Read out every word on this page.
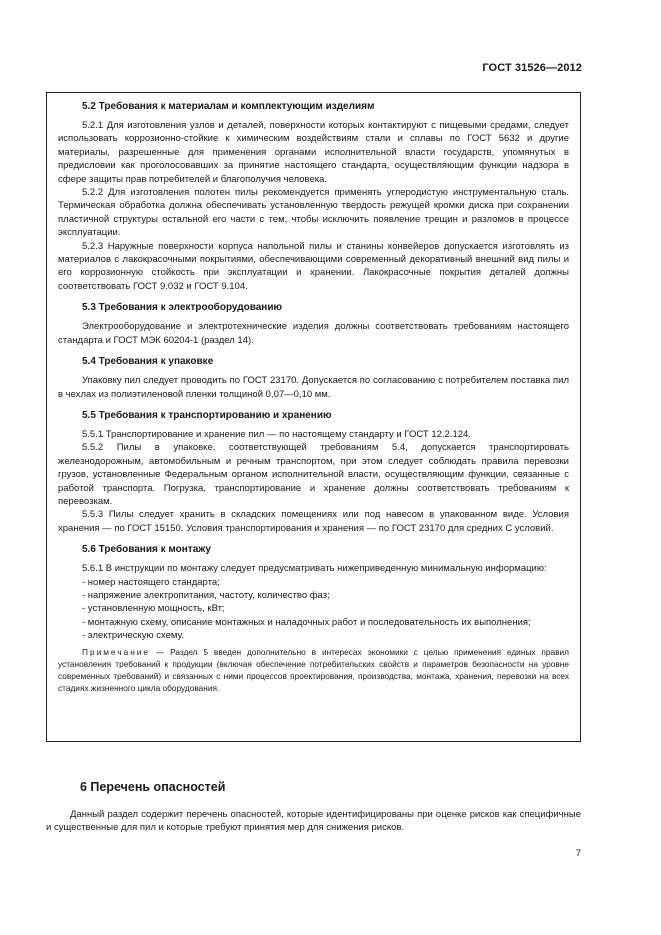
ГОСТ 31526—2012
5.2 Требования к материалам и комплектующим изделиям

5.2.1 Для изготовления узлов и деталей, поверхности которых контактируют с пищевыми средами, следует использовать коррозионно-стойкие к химическим воздействиям стали и сплавы по ГОСТ 5632 и другие материалы, разрешенные для применения органами исполнительной власти государств, упомянутых в предисловии как проголосовавших за принятие настоящего стандарта, осуществляющим функции надзора в сфере защиты прав потребителей и благополучия человека.

5.2.2 Для изготовления полотен пилы рекомендуется применять углеродистую инструментальную сталь. Термическая обработка должна обеспечивать установленную твердость режущей кромки диска при сохранении пластичной структуры остальной его части с тем, чтобы исключить появление трещин и разломов в процессе эксплуатации.

5.2.3 Наружные поверхности корпуса напольной пилы и станины конвейеров допускается изготовлять из материалов с лакокрасочными покрытиями, обеспечивающими современный декоративный внешний вид пилы и его коррозионную стойкость при эксплуатации и хранении. Лакокрасочные покрытия деталей должны соответствовать ГОСТ 9.032 и ГОСТ 9.104.

5.3 Требования к электрооборудованию

Электрооборудование и электротехнические изделия должны соответствовать требованиям настоящего стандарта и ГОСТ МЭК 60204-1 (раздел 14).

5.4 Требования к упаковке

Упаковку пил следует проводить по ГОСТ 23170. Допускается по согласованию с потребителем поставка пил в чехлах из полиэтиленовой пленки толщиной 0,07—0,10 мм.

5.5 Требования к транспортированию и хранению

5.5.1 Транспортирование и хранение пил — по настоящему стандарту и ГОСТ 12.2.124.

5.5.2 Пилы в упаковке, соответствующей требованиям 5.4, допускается транспортировать железнодорожным, автомобильным и речным транспортом, при этом следует соблюдать правила перевозки грузов, установленные Федеральным органом исполнительной власти, осуществляющим функции, связанные с работой транспорта. Погрузка, транспортирование и хранение должны соответствовать требованиям к перевозкам.

5.5.3 Пилы следует хранить в складских помещениях или под навесом в упакованном виде. Условия хранения — по ГОСТ 15150. Условия транспортирования и хранения — по ГОСТ 23170 для средних С условий.

5.6 Требования к монтажу

5.6.1 В инструкции по монтажу следует предусматривать нижеприведенную минимальную информацию:

- номер настоящего стандарта;

- напряжение электропитания, частоту, количество фаз;

- установленную мощность, кВт;

- монтажную схему, описание монтажных и наладочных работ и последовательность их выполнения;

- электрическую схему.

Примечание — Раздел 5 введен дополнительно в интересах экономики с целью применения единых правил установления требований к продукции (включая обеспечение потребительских свойств и параметров безопасности на уровне современных требований) и связанных с ними процессов проектирования, производства, монтажа, хранения, перевозки на всех стадиях жизненного цикла оборудования.

6 Перечень опасностей

Данный раздел содержит перечень опасностей, которые идентифицированы при оценке рисков как специфичные и существенные для пил и которые требуют принятия мер для снижения рисков.

7
